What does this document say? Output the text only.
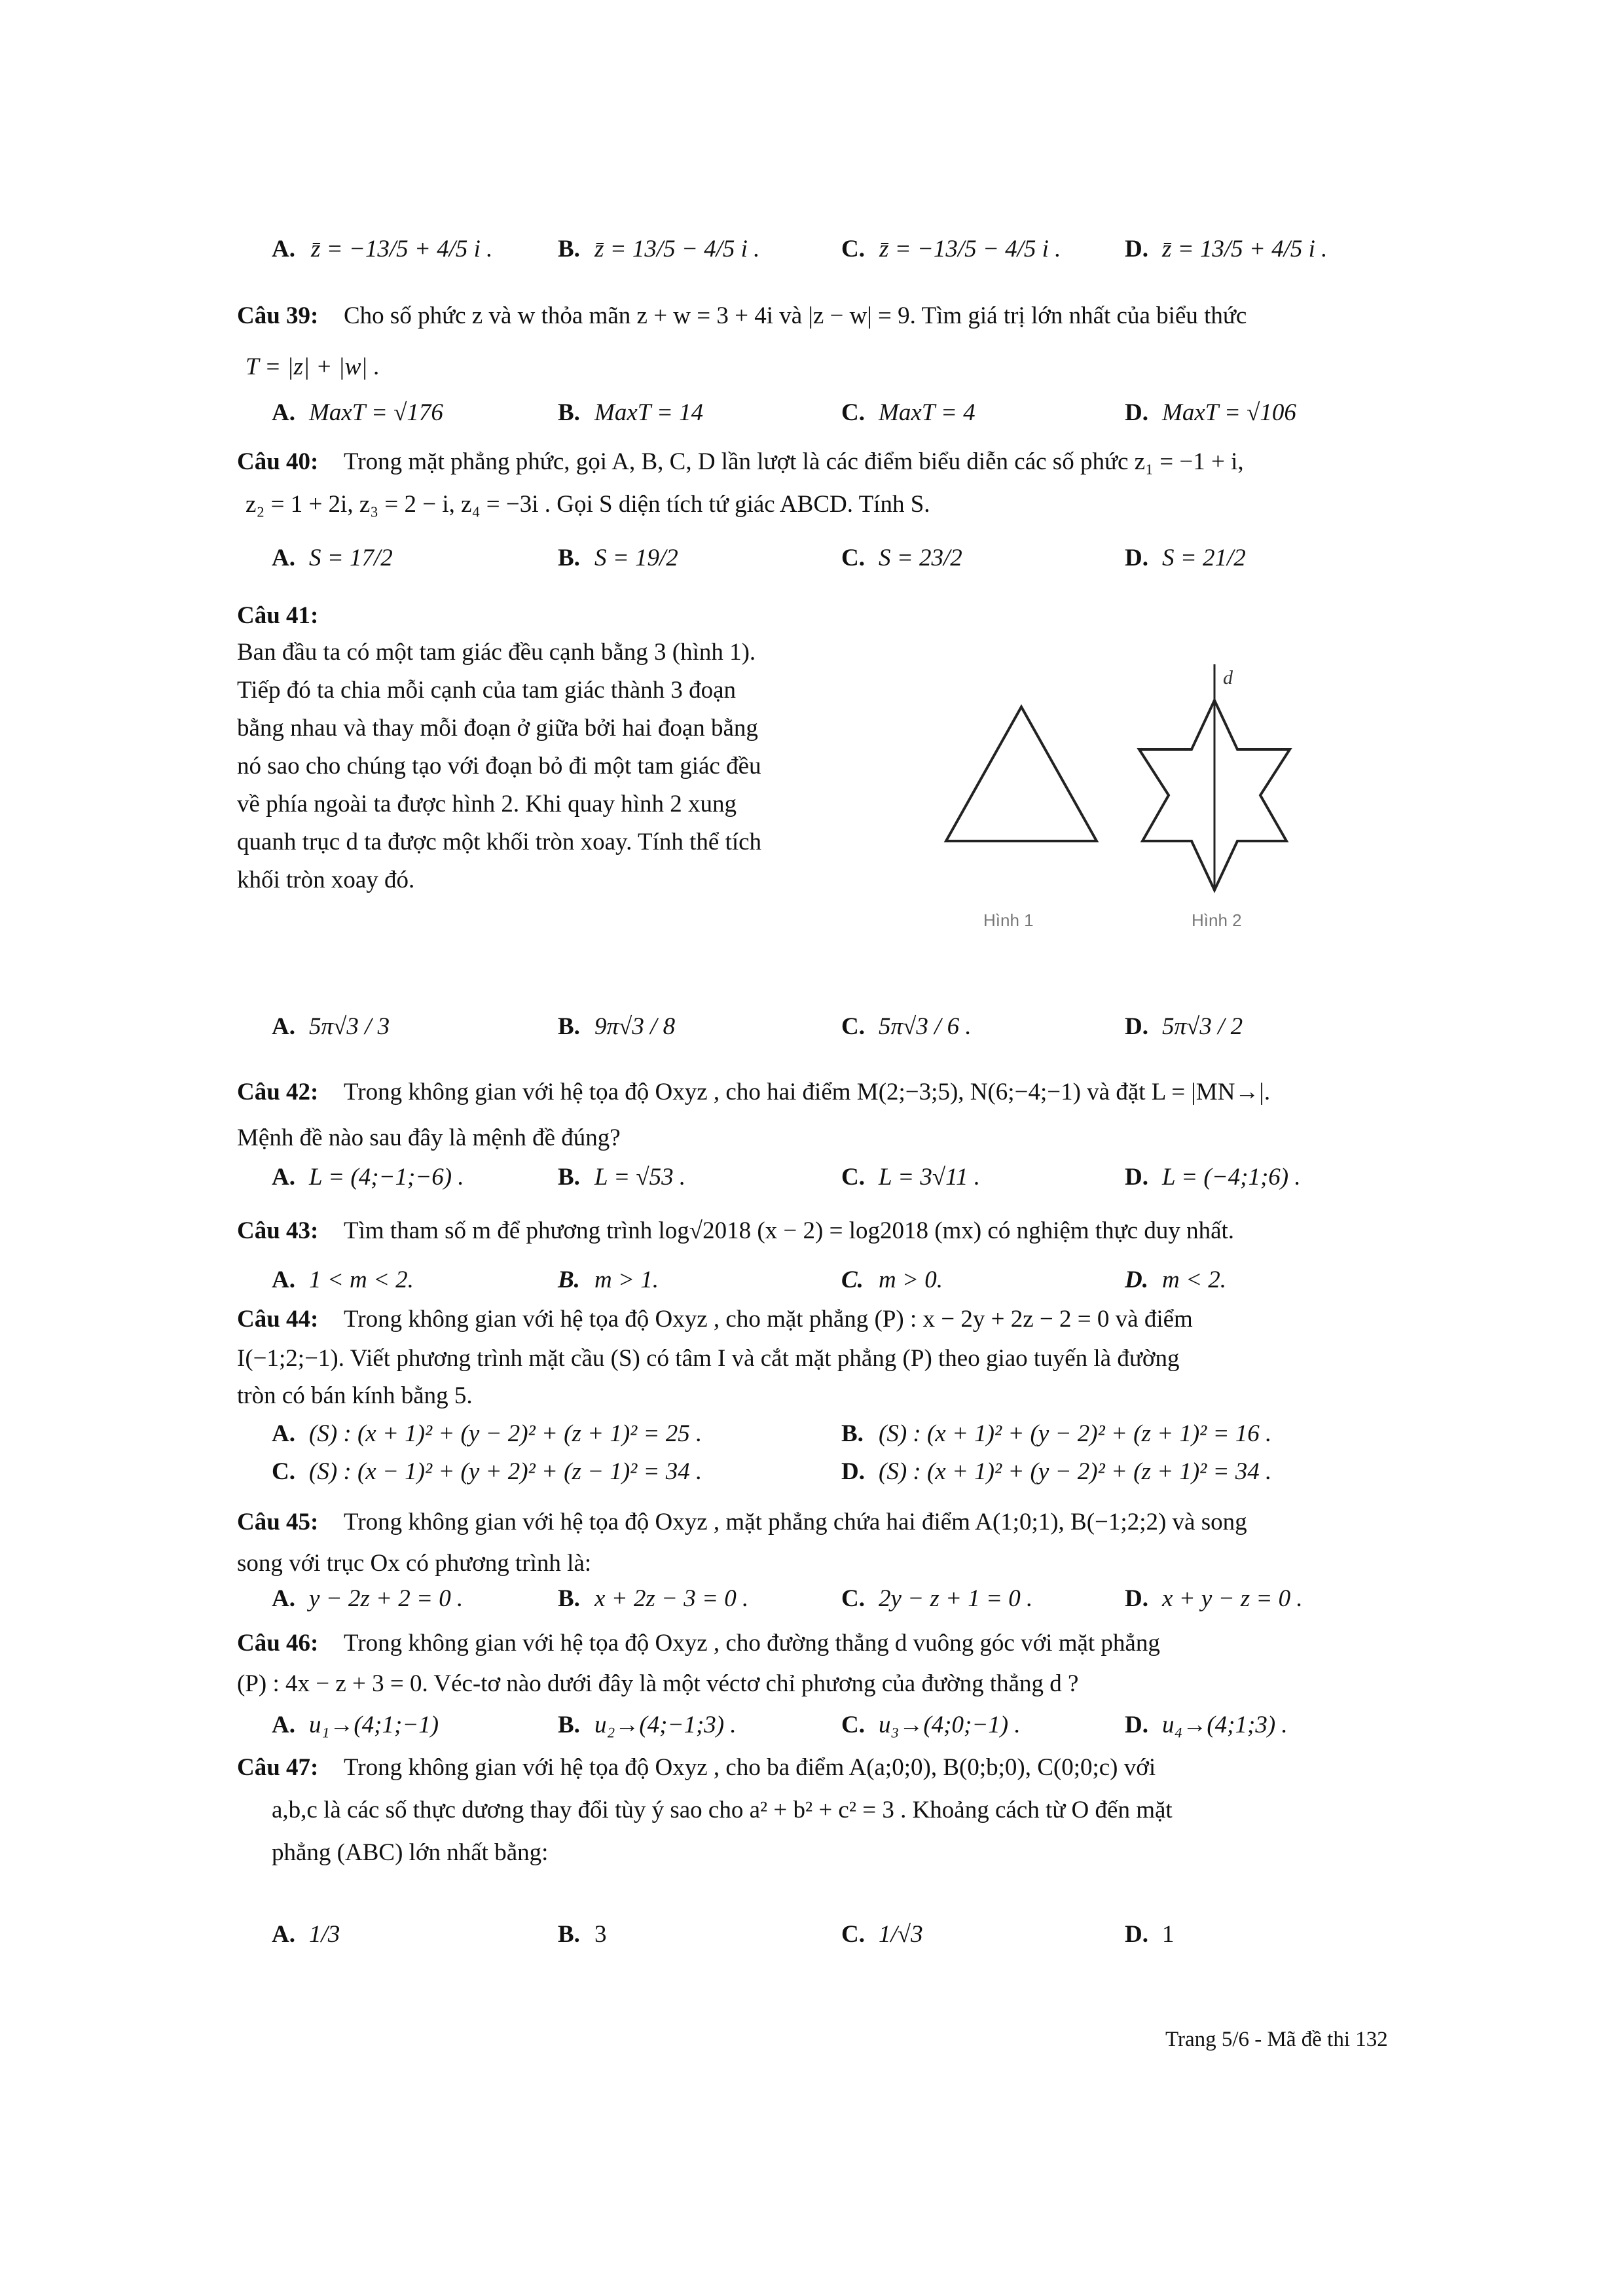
A. z̄ = −13/5 + 4/5 i .	B. z̄ = 13/5 − 4/5 i .	C. z̄ = −13/5 − 4/5 i .	D. z̄ = 13/5 + 4/5 i .
Câu 39: Cho số phức z và w thỏa mãn z + w = 3 + 4i và |z − w| = 9. Tìm giá trị lớn nhất của biểu thức
T = |z| + |w| .
A. MaxT = √176	B. MaxT = 14	C. MaxT = 4	D. MaxT = √106
Câu 40: Trong mặt phẳng phức, gọi A, B, C, D lần lượt là các điểm biểu diễn các số phức z₁ = −1 + i,
z₂ = 1 + 2i, z₃ = 2 − i, z₄ = −3i . Gọi S diện tích tứ giác ABCD. Tính S.
A. S = 17/2	B. S = 19/2	C. S = 23/2	D. S = 21/2
Câu 41:
Ban đầu ta có một tam giác đều cạnh bằng 3 (hình 1).
Tiếp đó ta chia mỗi cạnh của tam giác thành 3 đoạn
bằng nhau và thay mỗi đoạn ở giữa bởi hai đoạn bằng
nó sao cho chúng tạo với đoạn bỏ đi một tam giác đều
về phía ngoài ta được hình 2. Khi quay hình 2 xung
quanh trục d ta được một khối tròn xoay. Tính thể tích
khối tròn xoay đó.
d
Hình 1	Hình 2
A. 5π√3 / 3	B. 9π√3 / 8	C. 5π√3 / 6 .	D. 5π√3 / 2
Câu 42: Trong không gian với hệ tọa độ Oxyz , cho hai điểm M(2;−3;5), N(6;−4;−1) và đặt L = |MN→|.
Mệnh đề nào sau đây là mệnh đề đúng?
A. L = (4;−1;−6) .	B. L = √53 .	C. L = 3√11 .	D. L = (−4;1;6) .
Câu 43: Tìm tham số m để phương trình log√2018 (x − 2) = log2018 (mx) có nghiệm thực duy nhất.
A. 1 < m < 2.	B. m > 1.	C. m > 0.	D. m < 2.
Câu 44: Trong không gian với hệ tọa độ Oxyz , cho mặt phẳng (P) : x − 2y + 2z − 2 = 0 và điểm
I(−1;2;−1). Viết phương trình mặt cầu (S) có tâm I và cắt mặt phẳng (P) theo giao tuyến là đường
tròn có bán kính bằng 5.
A. (S) : (x + 1)² + (y − 2)² + (z + 1)² = 25 .	B. (S) : (x + 1)² + (y − 2)² + (z + 1)² = 16 .
C. (S) : (x − 1)² + (y + 2)² + (z − 1)² = 34 .	D. (S) : (x + 1)² + (y − 2)² + (z + 1)² = 34 .
Câu 45: Trong không gian với hệ tọa độ Oxyz , mặt phẳng chứa hai điểm A(1;0;1), B(−1;2;2) và song
song với trục Ox có phương trình là:
A. y − 2z + 2 = 0 .	B. x + 2z − 3 = 0 .	C. 2y − z + 1 = 0 .	D. x + y − z = 0 .
Câu 46: Trong không gian với hệ tọa độ Oxyz , cho đường thẳng d vuông góc với mặt phẳng
(P) : 4x − z + 3 = 0. Véc-tơ nào dưới đây là một véctơ chỉ phương của đường thẳng d ?
A. u₁→(4;1;−1)	B. u₂→(4;−1;3) .	C. u₃→(4;0;−1) .	D. u₄→(4;1;3) .
Câu 47: Trong không gian với hệ tọa độ Oxyz , cho ba điểm A(a;0;0), B(0;b;0), C(0;0;c) với
a,b,c là các số thực dương thay đổi tùy ý sao cho a² + b² + c² = 3 . Khoảng cách từ O đến mặt
phẳng (ABC) lớn nhất bằng:
A. 1/3	B. 3	C. 1/√3	D. 1
Trang 5/6 - Mã đề thi 132
